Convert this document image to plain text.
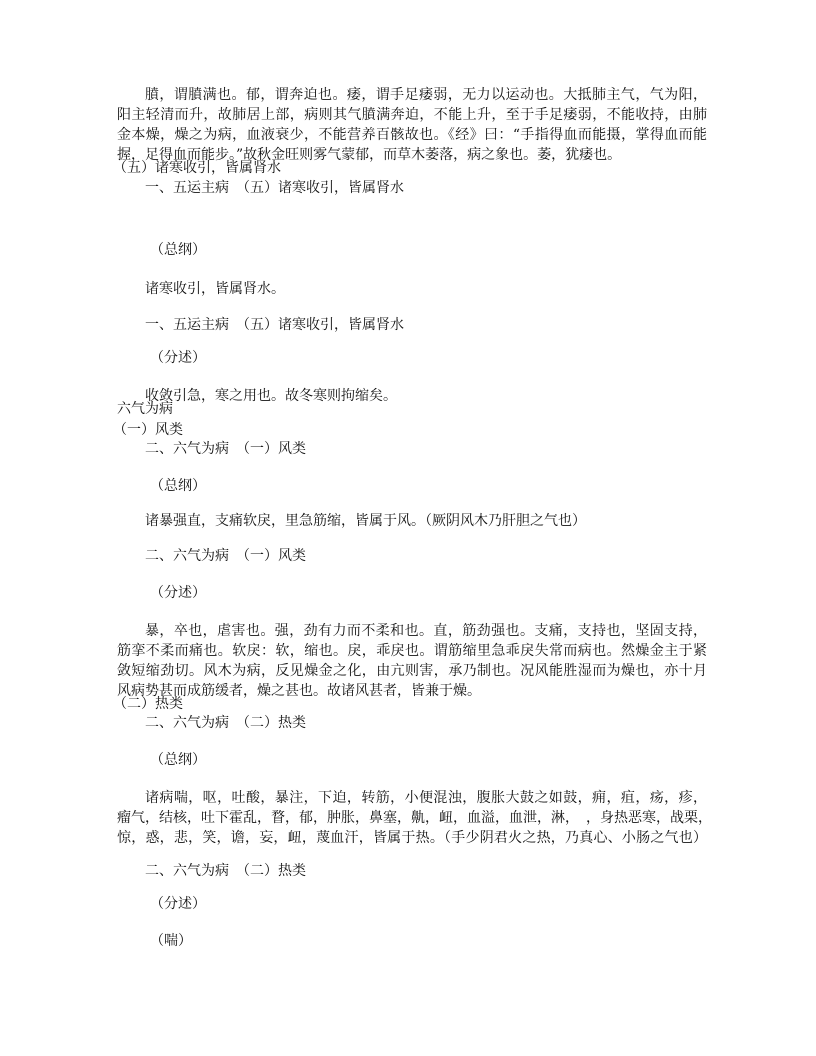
膹，谓膹满也。郁，谓奔迫也。痿，谓手足痿弱，无力以运动也。大抵肺主气，气为阳，
阳主轻清而升，故肺居上部，病则其气膹满奔迫，不能上升，至于手足痿弱，不能收持，由肺
金本燥，燥之为病，血液衰少，不能营养百骸故也。《经》曰：“手指得血而能摄，掌得血而能
握，足得血而能步。”故秋金旺则雾气蒙郁，而草木萎落，病之象也。萎，犹痿也。
（五）诸寒收引，皆属肾水
一、五运主病　（五）诸寒收引，皆属肾水
（总纲）
诸寒收引，皆属肾水。
一、五运主病　（五）诸寒收引，皆属肾水
（分述）
收敛引急，寒之用也。故冬寒则拘缩矣。
六气为病
（一）风类
二、六气为病　（一）风类
（总纲）
诸暴强直，支痛软戾，里急筋缩，皆属于风。（厥阴风木乃肝胆之气也）
二、六气为病　（一）风类
（分述）
暴，卒也，虐害也。强，劲有力而不柔和也。直，筋劲强也。支痛，支持也，坚固支持，
筋挛不柔而痛也。软戾：软，缩也。戾，乖戾也。谓筋缩里急乖戾失常而病也。然燥金主于紧
敛短缩劲切。风木为病，反见燥金之化，由亢则害，承乃制也。况风能胜湿而为燥也，亦十月
风病势甚而成筋缓者，燥之甚也。故诸风甚者，皆兼于燥。
（二）热类
二、六气为病　（二）热类
（总纲）
诸病喘，呕，吐酸，暴注，下迫，转筋，小便混浊，腹胀大鼓之如鼓，痈，疽，疡，疹，
瘤气，结核，吐下霍乱，瞀，郁，肿胀，鼻塞，鼽，衄，血溢，血泄，淋，　，身热恶寒，战栗，
惊，惑，悲，笑，谵，妄，衄，蔑血汗，皆属于热。（手少阴君火之热，乃真心、小肠之气也）
二、六气为病　（二）热类
（分述）
（喘）
